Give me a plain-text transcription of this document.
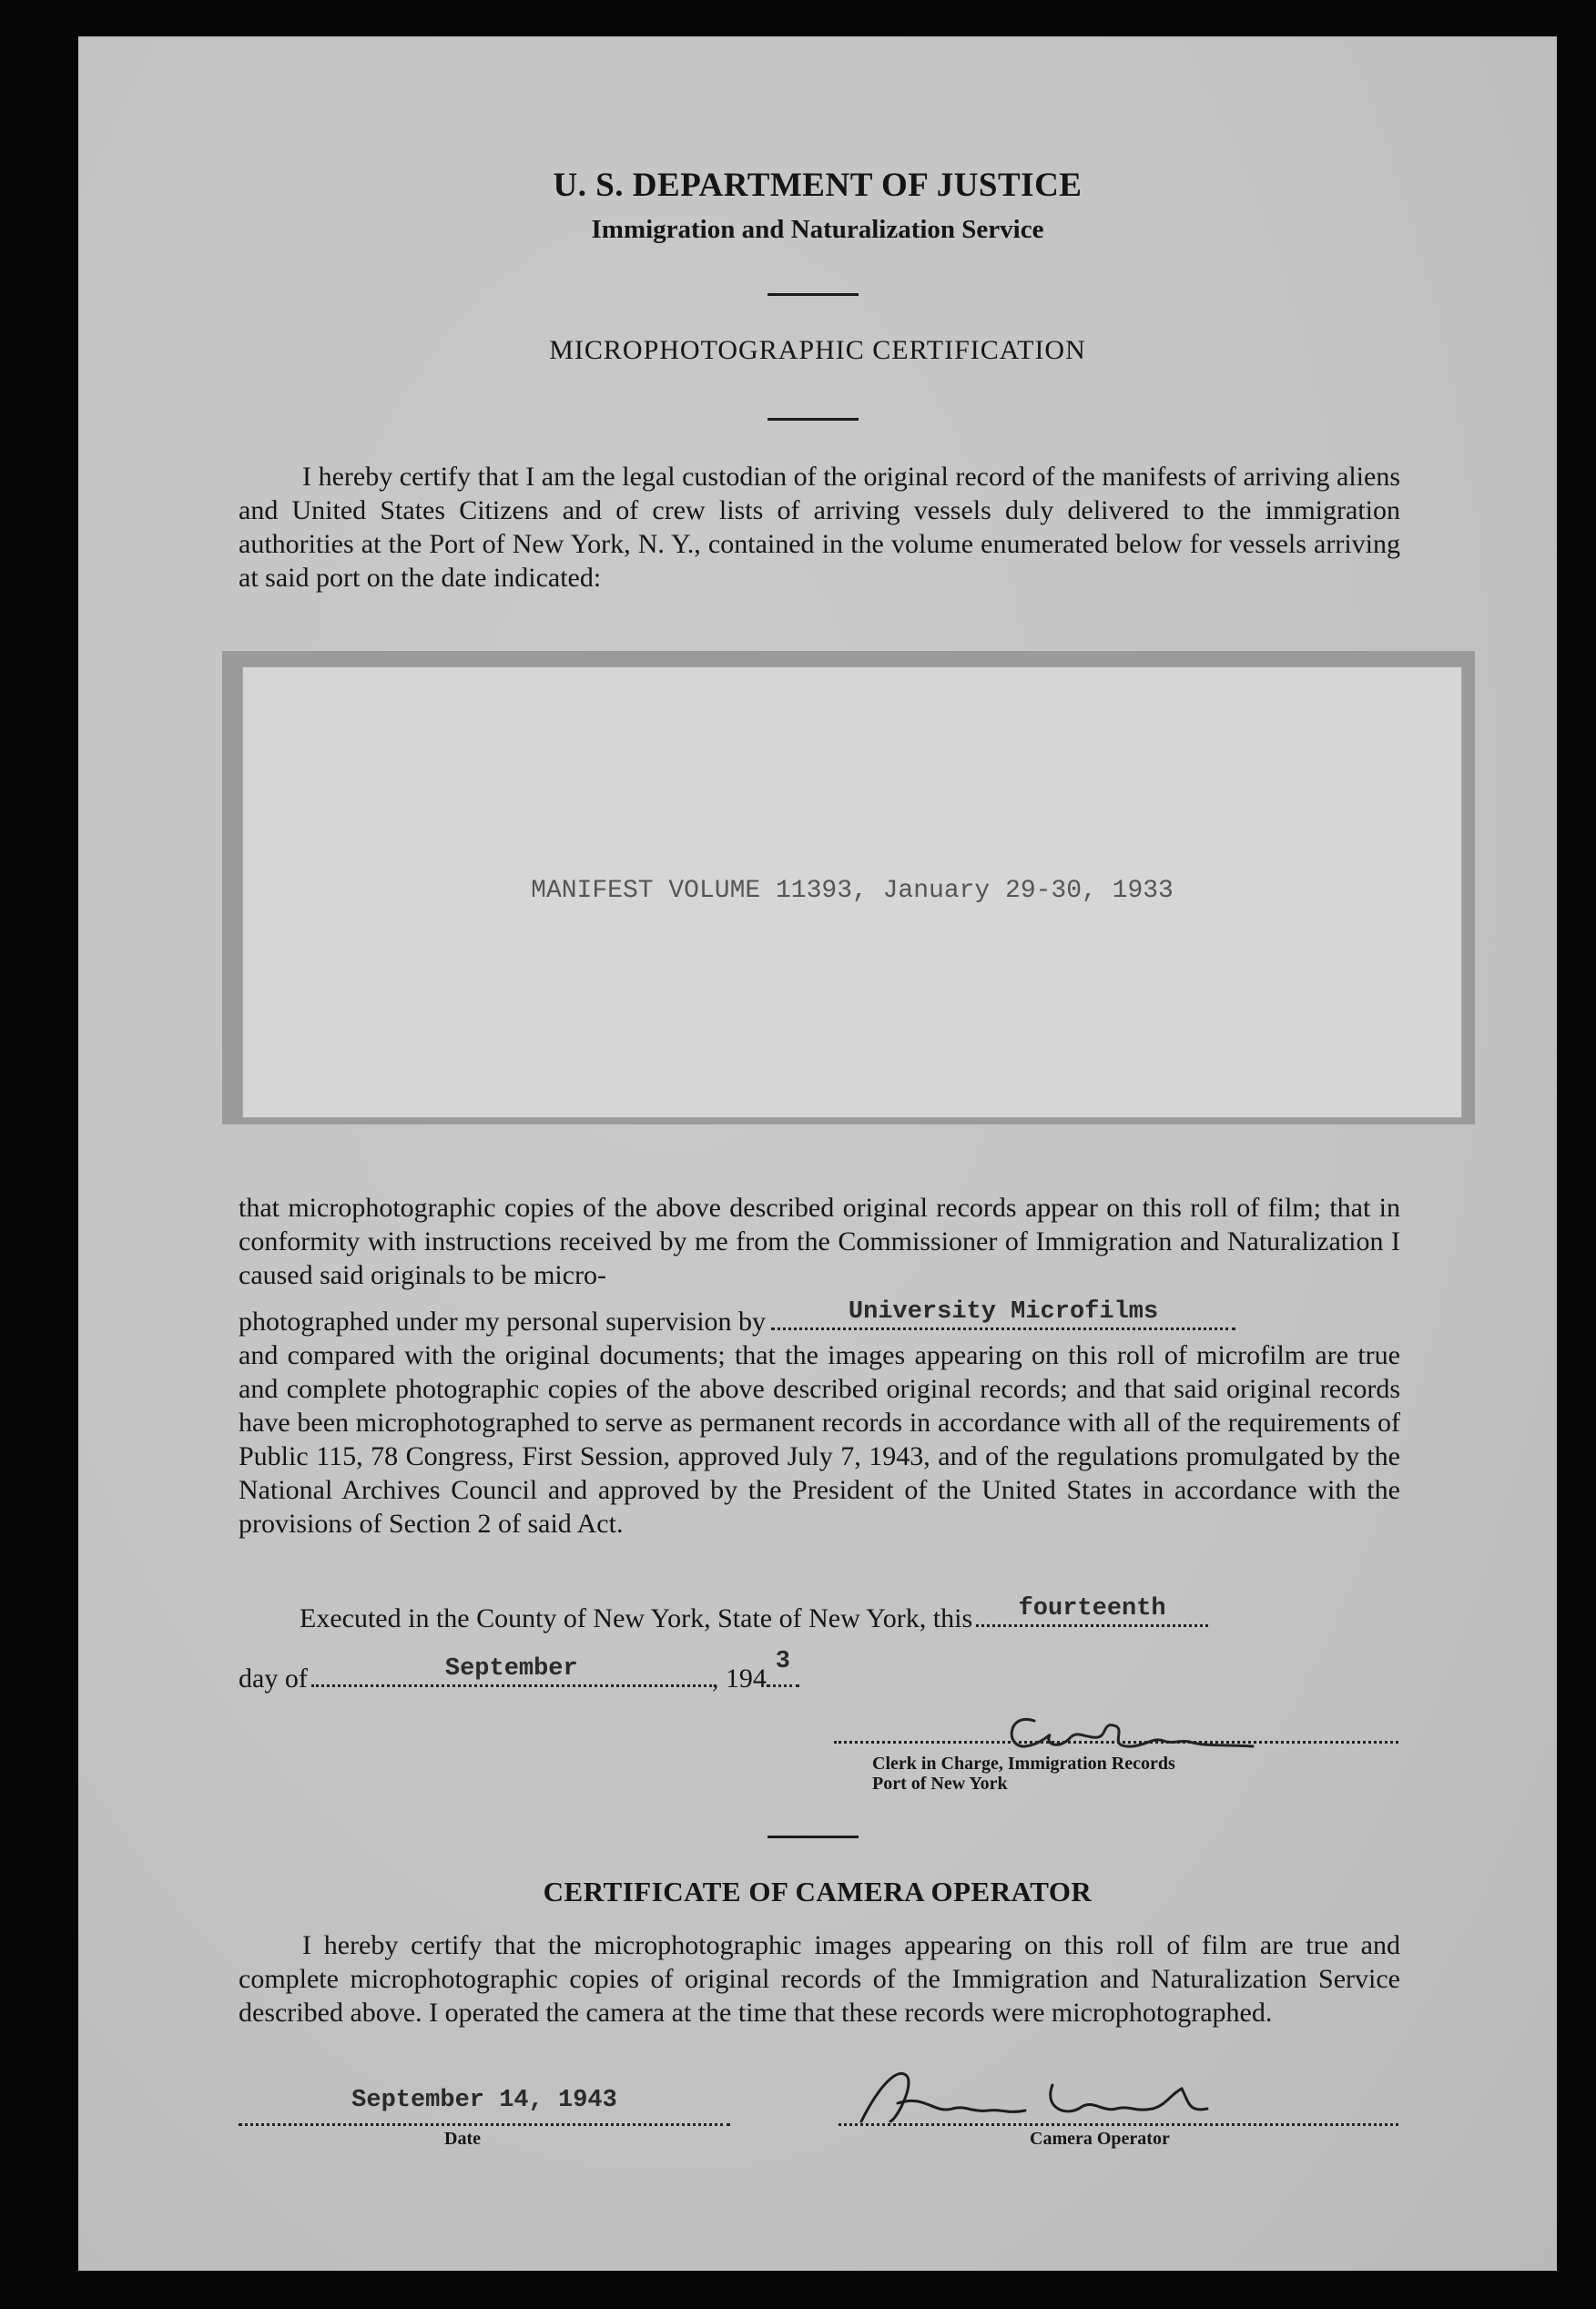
U. S. DEPARTMENT OF JUSTICE
Immigration and Naturalization Service
MICROPHOTOGRAPHIC CERTIFICATION
I hereby certify that I am the legal custodian of the original record of the manifests of arriving aliens and United States Citizens and of crew lists of arriving vessels duly delivered to the immigration authorities at the Port of New York, N. Y., contained in the volume enumerated below for vessels arriving at said port on the date indicated:
MANIFEST VOLUME 11393, January 29-30, 1933
that microphotographic copies of the above described original records appear on this roll of film; that in conformity with instructions received by me from the Commissioner of Immigration and Naturalization I caused said originals to be micro-
photographed under my personal supervision by	University Microfilms
and compared with the original documents; that the images appearing on this roll of microfilm are true and complete photographic copies of the above described original records; and that said original records have been microphotographed to serve as permanent records in accordance with all of the requirements of Public 115, 78 Congress, First Session, approved July 7, 1943, and of the regulations promulgated by the National Archives Council and approved by the President of the United States in accordance with the provisions of Section 2 of said Act.
Executed in the County of New York, State of New York, this	fourteenth
day of	September	, 194
3
Clerk in Charge, Immigration Records
Port of New York
CERTIFICATE OF CAMERA OPERATOR
I hereby certify that the microphotographic images appearing on this roll of film are true and complete microphotographic copies of original records of the Immigration and Naturalization Service described above. I operated the camera at the time that these records were microphotographed.
September 14, 1943
Date	Camera Operator
